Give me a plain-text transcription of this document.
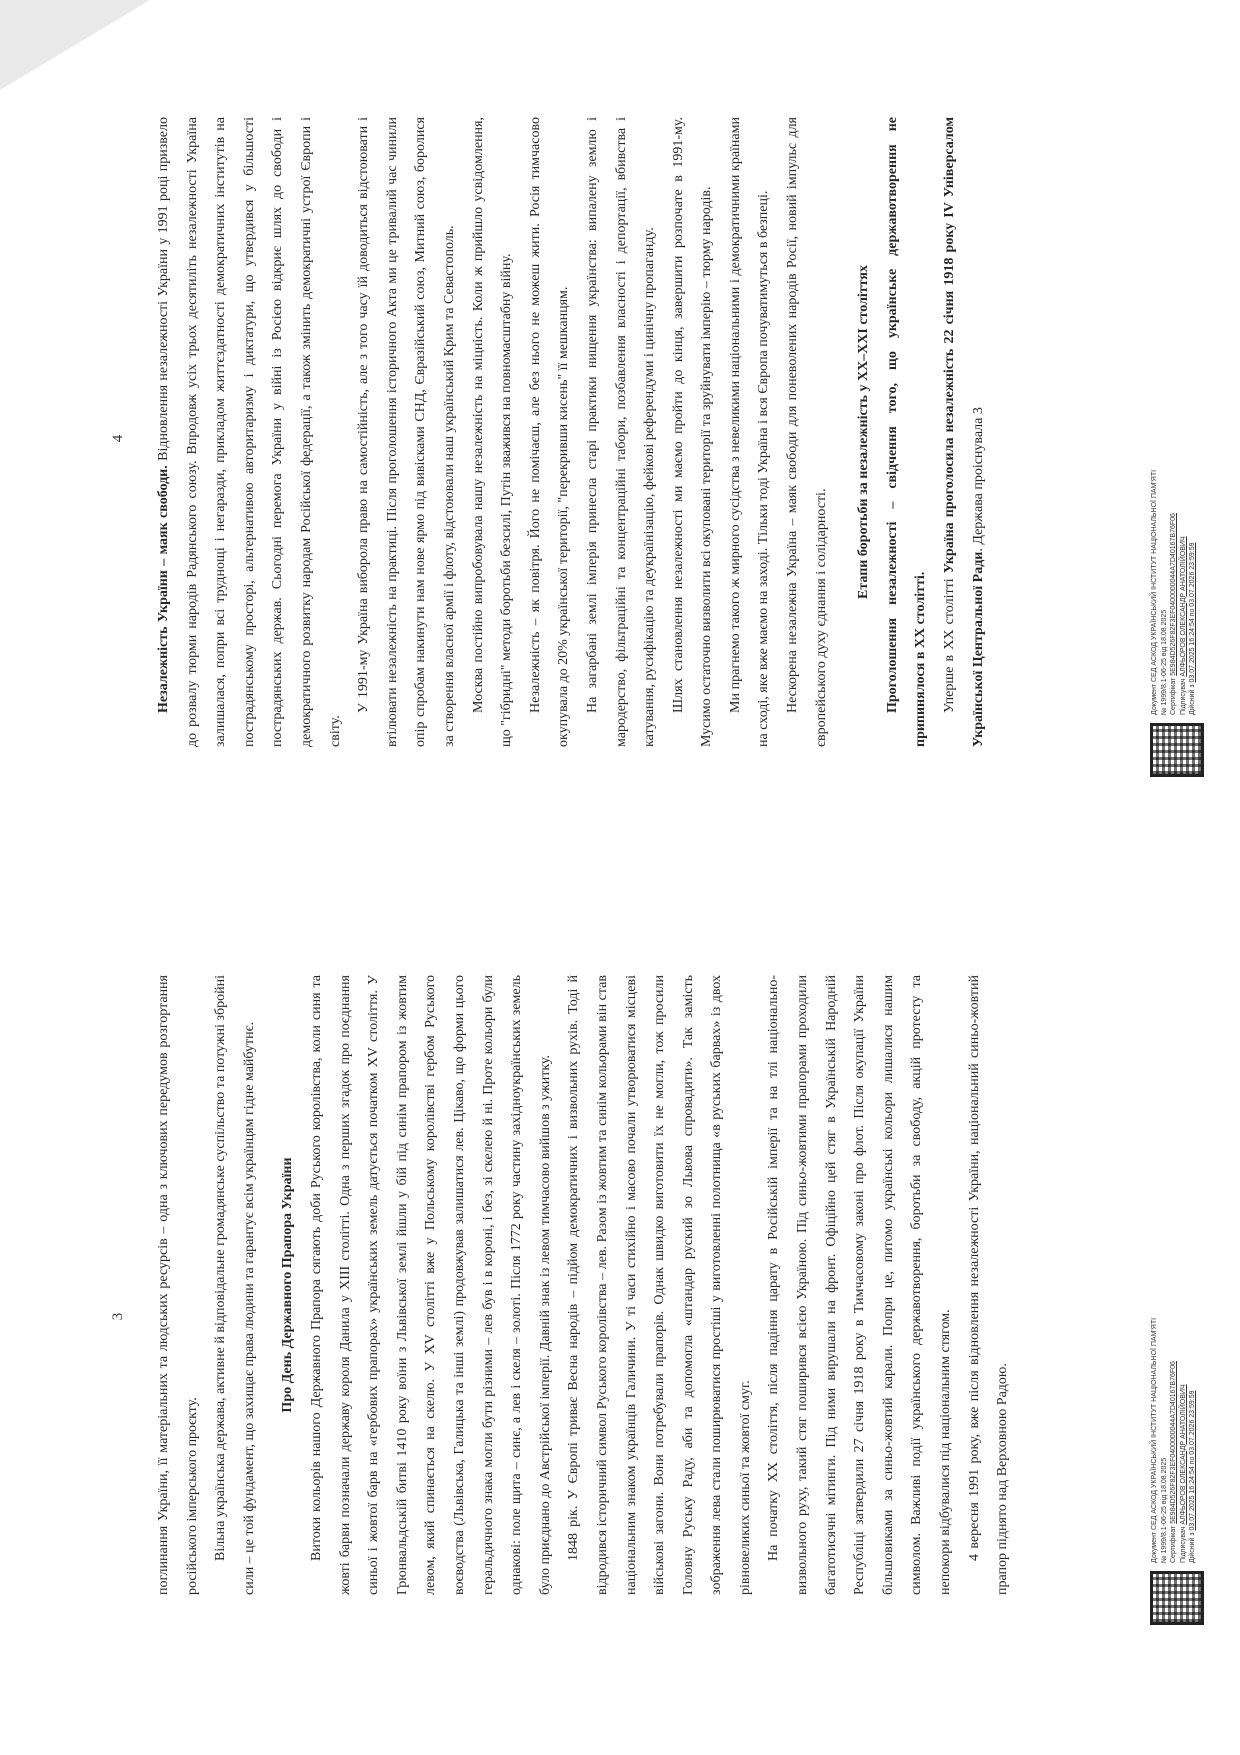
3	поглинання України, її матеріальних та людських ресурсів – одна з ключових передумов розгортання російського імперського проєкту. Вільна українська держава, активне й відповідальне громадянське суспільство та потужні збройні сили – це той фундамент, що захищає права людини та гарантує всім українцям гідне майбутнє.	Про День Державного Прапора України Витоки кольорів нашого Державного Прапора сягають доби Руського королівства, коли синя та жовті барви позначали державу короля Данила у XIII столітті. Одна з перших згадок про поєднання синьої і жовтої барв на «гербових прапорах» українських земель датується початком XV століття. У Грюнвальдській битві 1410 року воїни з Львівської землі йшли у бій під синім прапором із жовтим левом, який спинається на скелю. У XV столітті вже у Польському королівстві гербом Руського воєводства (Львівська, Галицька та інші землі) продовжував залишатися лев. Цікаво, що форми цього геральдичного знака могли бути різними – лев був і в короні, і без, зі скелею й ні. Проте кольори були однакові: поле щита – синє, а лев і скеля – золоті. Після 1772 року частину західноукраїнських земель було приєднано до Австрійської імперії. Давній знак із левом тимчасово вийшов з ужитку. 1848 рік. У Європі триває Весна народів – підйом демократичних і визвольних рухів. Тоді й відродився історичний символ Руського королівства – лев. Разом із жовтим та синім кольорами він став національним знаком українців Галичини. У ті часи стихійно і масово почали утворюватися місцеві військові загони. Вони потребували прапорів. Однак швидко виготовити їх не могли, тож просили Головну Руську Раду, аби та допомогла «штандар руский зо Львова спровадити». Так замість зображення лева стали поширюватися простіші у виготовленні полотнища «в руських барвах» із двох рівновеликих синьої та жовтої смуг. На початку XX століття, після падіння царату в Російській імперії та на тлі національно-визвольного руху, такий стяг поширився всією Україною. Під синьо-жовтими прапорами проходили багатотисячні мітинги. Під ними вирушали на фронт. Офіційно цей стяг в Українській Народній Республіці затвердили 27 січня 1918 року в Тимчасовому законі про флот. Після окупації України більшовиками за синьо-жовтий карали. Попри це, питомо українські кольори лишалися нашим символом. Важливі події українського державотворення, боротьби за свободу, акцій протесту та непокори відбувалися під національним стягом. 4 вересня 1991 року, вже після відновлення незалежності України, національний синьо-жовтий прапор піднято над Верховною Радою.	Документ СЕД АСКОД УКРАЇНСЬКИЙ ІНСТИТУТ НАЦІОНАЛЬНОЇ ПАМ'ЯТІ № 1999/8.1-06-25 від 18.08.2025 Сертифікат 5E984D526F82F3EF0400000044A7D40167B76F06
Підписувач АЛФЬОРОВ ОЛЕКСАНДР АНАТОЛІЙОВИЧ
Дійсний з 03.07.2025 16:24:54 по 03.07.2026 23:59:59
4

Незалежність України – маяк свободи. Відновлення незалежності України у 1991 році призвело до розвалу тюрми народів Радянського союзу. Впродовж усіх трьох десятиліть незалежності Україна залишалася, попри всі труднощі і негаразди, прикладом життєздатності демократичних інститутів на пострадянському просторі, альтернативою авторитаризму і диктатури, що утвердився у більшості пострадянських держав. Сьогодні перемога України у війні із Росією відкриє шлях до свободи і демократичного розвитку народам Російської федерації, а також змінить демократичні устрої Європи і світу.

У 1991-му Україна виборола право на самостійність, але з того часу їй доводиться відстоювати і втілювати незалежність на практиці. Після проголошення історичного Акта ми це тривалий час чинили опір спробам накинути нам нове ярмо під вивісками СНД, Євразійський союз, Митний союз, боролися за створення власної армії і флоту, відстоювали наш український Крим та Севастополь. Москва постійно випробовувала нашу незалежність на міцність. Коли ж прийшло усвідомлення, що "гібридні" методи боротьби безсилі, Путін зважився на повномасштабну війну. Незалежність – як повітря. Його не помічаєш, але без нього не можеш жити. Росія тимчасово окупувала до 20% української території, "перекривши кисень" її мешканцям. На загарбані землі імперія принесла старі практики нищення українства: випалену землю і мародерство, фільтраційні та концентраційні табори, позбавлення власності і депортації, вбивства і катування, русифікацію та деукраїнізацію, фейкові референдуми і цинічну пропаганду. Шлях становлення незалежності ми маємо пройти до кінця, завершити розпочате в 1991-му. Мусимо остаточно визволити всі окуповані території та зруйнувати імперію – тюрму народів. Ми прагнемо такого ж мирного сусідства з невеликими національними і демократичними країнами на сході, яке вже маємо на заході. Тільки тоді Україна і вся Європа почуватимуться в безпеці. Нескорена незалежна Україна – маяк свободи для поневолених народів Росії, новий імпульс для європейського духу єднання і солідарності.

Етапи боротьби за незалежність у XX–XXI століттях Проголошення незалежності – свідчення того, що українське державотворення не припинялося в XX столітті. Уперше в XX столітті Україна проголосила незалежність 22 січня 1918 року IV Універсалом Української Центральної Ради. Держава проіснувала 3	Документ СЕД АСКОД УКРАЇНСЬКИЙ ІНСТИТУТ НАЦІОНАЛЬНОЇ ПАМ'ЯТІ № 1999/8.1-06-25 від 18.08.2025 Сертифікат 5E984D526F82F3EF0400000044A7D40167B76F06
Підписувач АЛФЬОРОВ ОЛЕКСАНДР АНАТОЛІЙОВИЧ
Дійсний з 03.07.2025 16:24:54 по 03.07.2026 23:59:59
